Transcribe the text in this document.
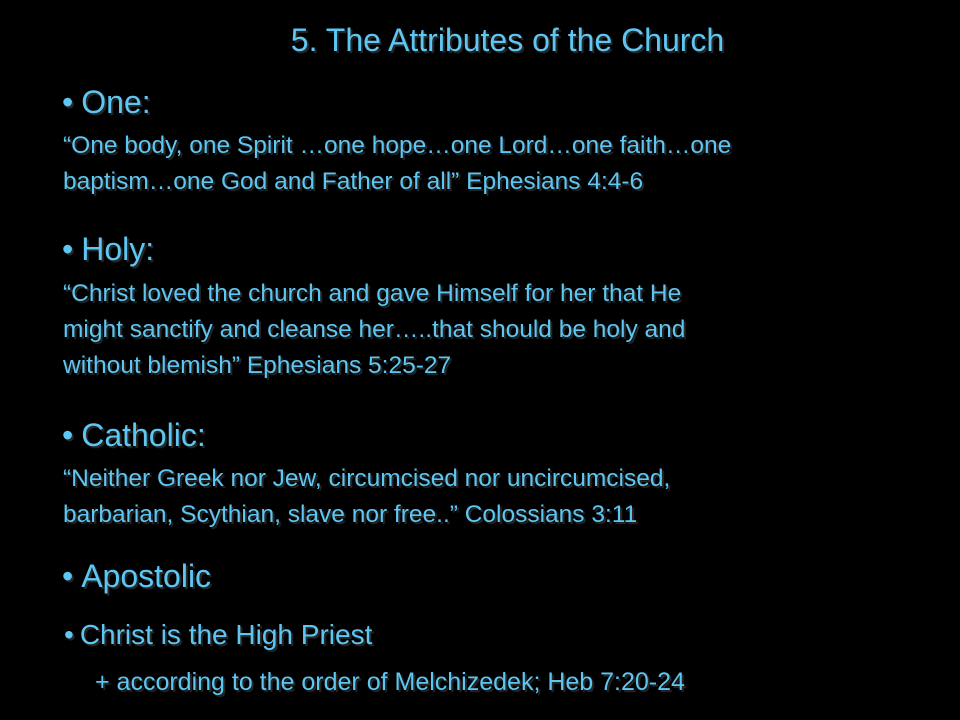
5. The Attributes of the Church
• One:
“One body, one Spirit …one hope…one Lord…one faith…one
baptism…one God and Father of all” Ephesians 4:4-6
• Holy:
“Christ loved the church and gave Himself for her that He
might sanctify and cleanse her…..that should be holy and
without blemish” Ephesians 5:25-27
• Catholic:
“Neither Greek nor Jew, circumcised nor uncircumcised,
barbarian, Scythian, slave nor free..” Colossians 3:11
• Apostolic
• Christ is the High Priest
+ according to the order of Melchizedek; Heb 7:20-24
